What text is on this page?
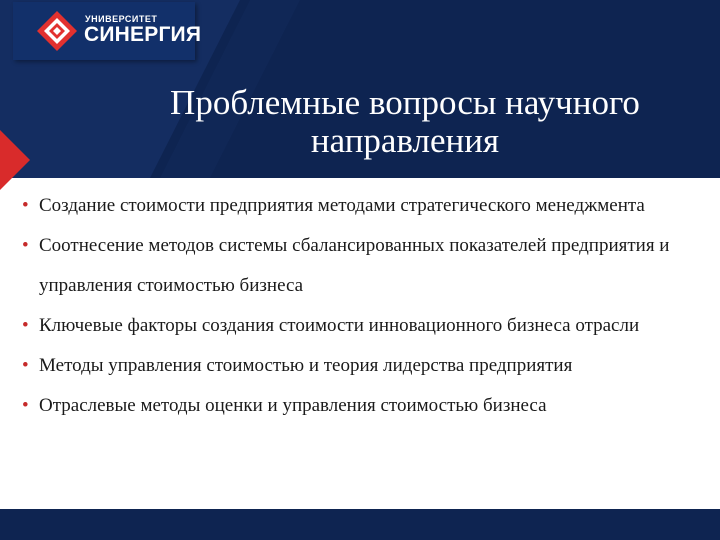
УНИВЕРСИТЕТ
СИНЕРГИЯ
Проблемные вопросы научного
направления
• Создание стоимости предприятия методами стратегического менеджмента
• Соотнесение методов системы сбалансированных показателей предприятия и управления стоимостью бизнеса
• Ключевые факторы создания стоимости инновационного бизнеса отрасли
• Методы управления стоимостью и теория лидерства предприятия
• Отраслевые методы оценки и управления стоимостью бизнеса
